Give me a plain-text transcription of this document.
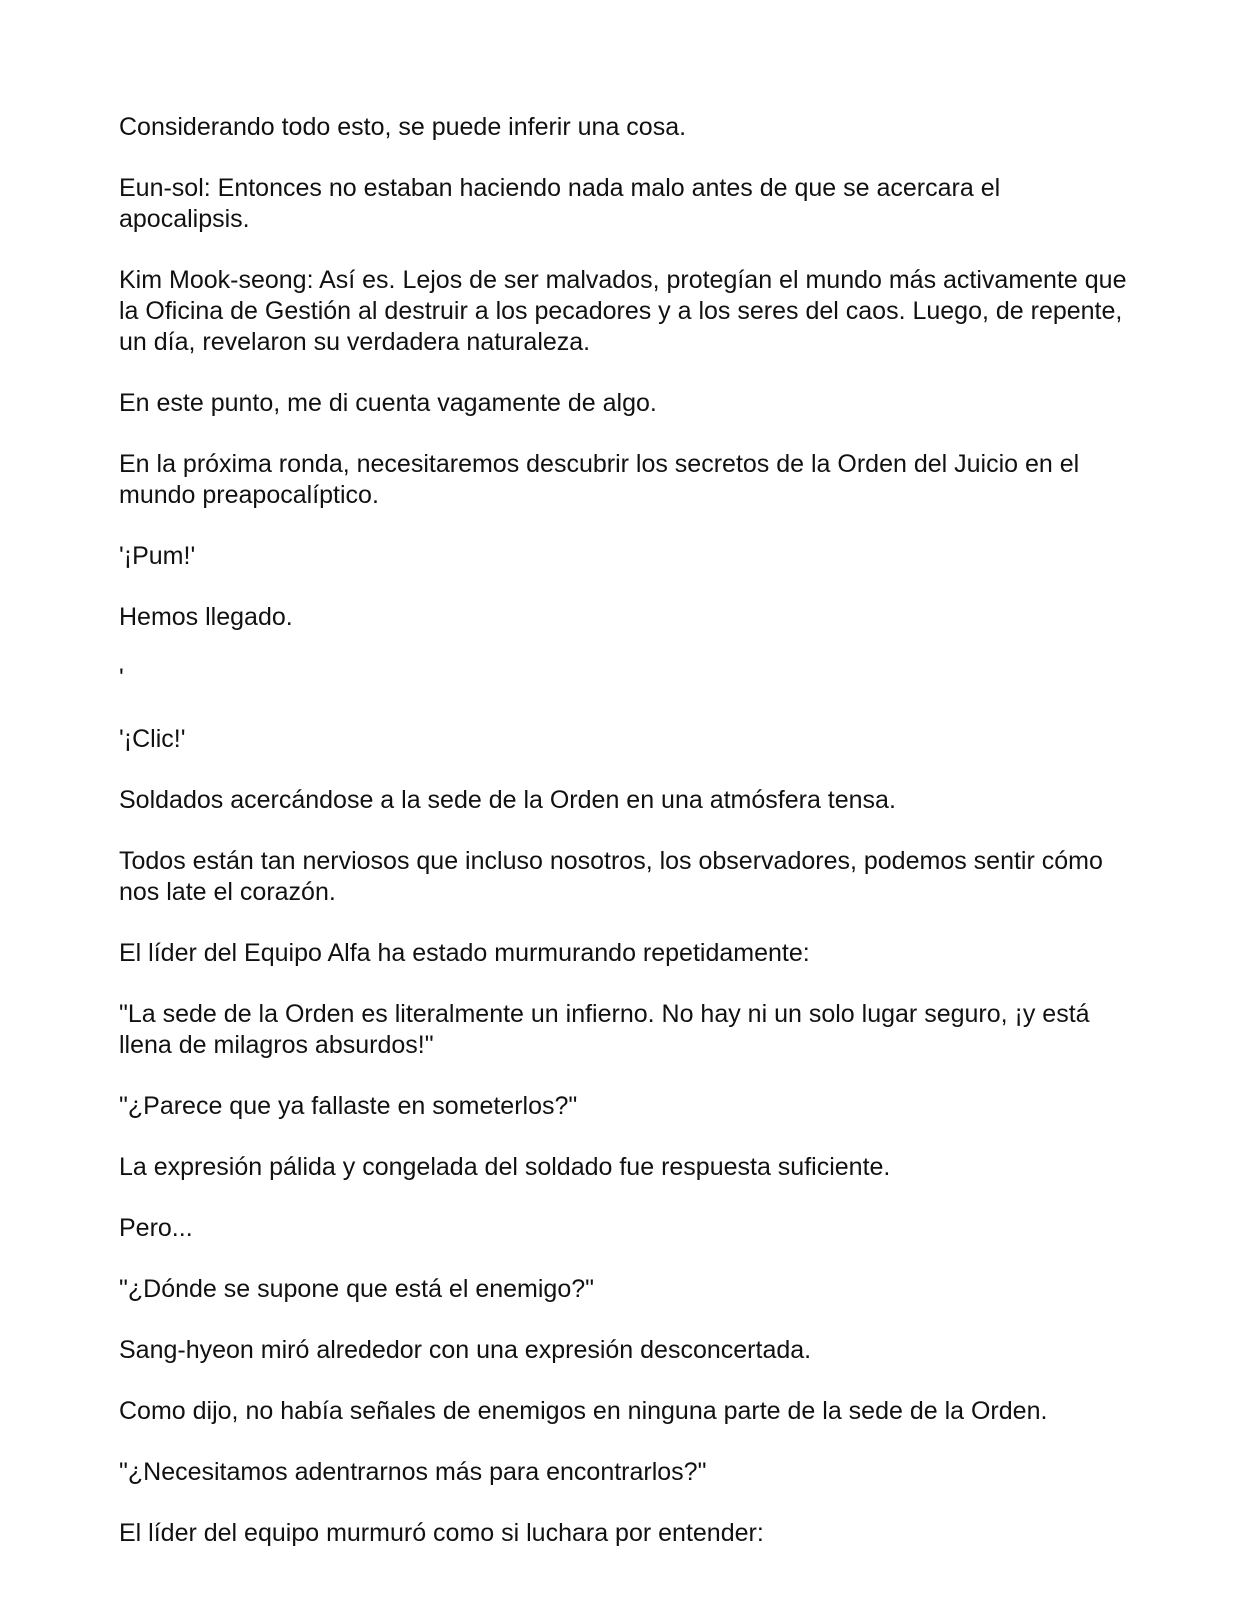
Considerando todo esto, se puede inferir una cosa.

Eun-sol: Entonces no estaban haciendo nada malo antes de que se acercara el apocalipsis.

Kim Mook-seong: Así es. Lejos de ser malvados, protegían el mundo más activamente que la Oficina de Gestión al destruir a los pecadores y a los seres del caos. Luego, de repente, un día, revelaron su verdadera naturaleza.

En este punto, me di cuenta vagamente de algo.

En la próxima ronda, necesitaremos descubrir los secretos de la Orden del Juicio en el mundo preapocalíptico.

'¡Pum!'

Hemos llegado.

'

'¡Clic!'

Soldados acercándose a la sede de la Orden en una atmósfera tensa.

Todos están tan nerviosos que incluso nosotros, los observadores, podemos sentir cómo nos late el corazón.

El líder del Equipo Alfa ha estado murmurando repetidamente:

"La sede de la Orden es literalmente un infierno. No hay ni un solo lugar seguro, ¡y está llena de milagros absurdos!"

"¿Parece que ya fallaste en someterlos?"

La expresión pálida y congelada del soldado fue respuesta suficiente.

Pero...

"¿Dónde se supone que está el enemigo?"

Sang-hyeon miró alrededor con una expresión desconcertada.

Como dijo, no había señales de enemigos en ninguna parte de la sede de la Orden.

"¿Necesitamos adentrarnos más para encontrarlos?"

El líder del equipo murmuró como si luchara por entender:
